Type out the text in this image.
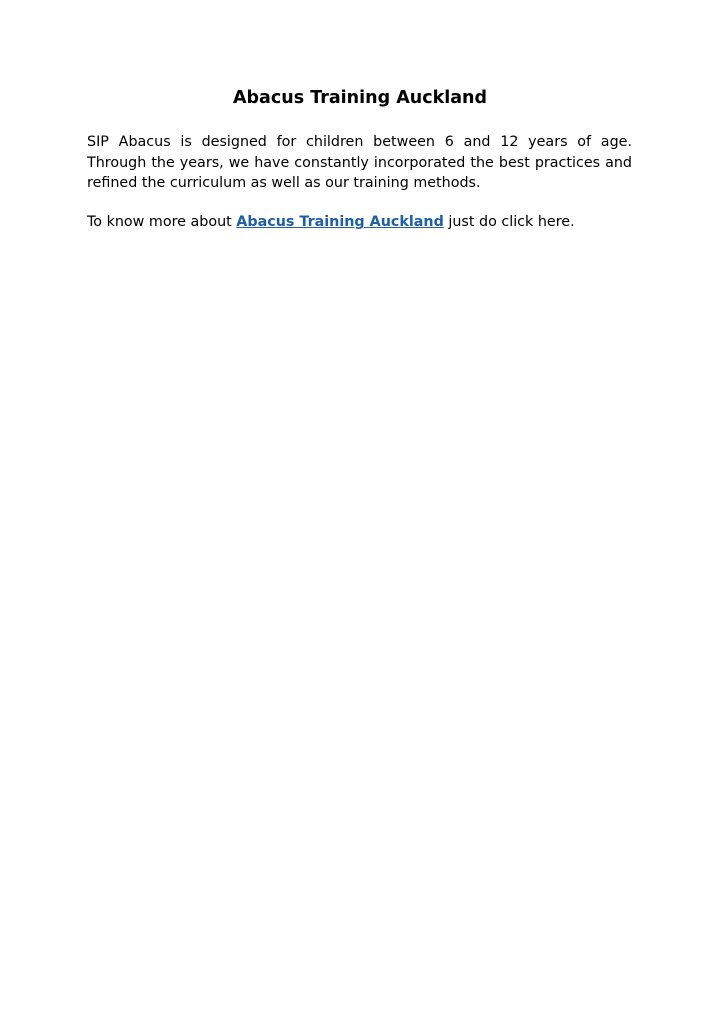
Abacus Training Auckland
SIP Abacus is designed for children between 6 and 12 years of age. Through the years, we have constantly incorporated the best practices and refined the curriculum as well as our training methods.
To know more about Abacus Training Auckland just do click here.
